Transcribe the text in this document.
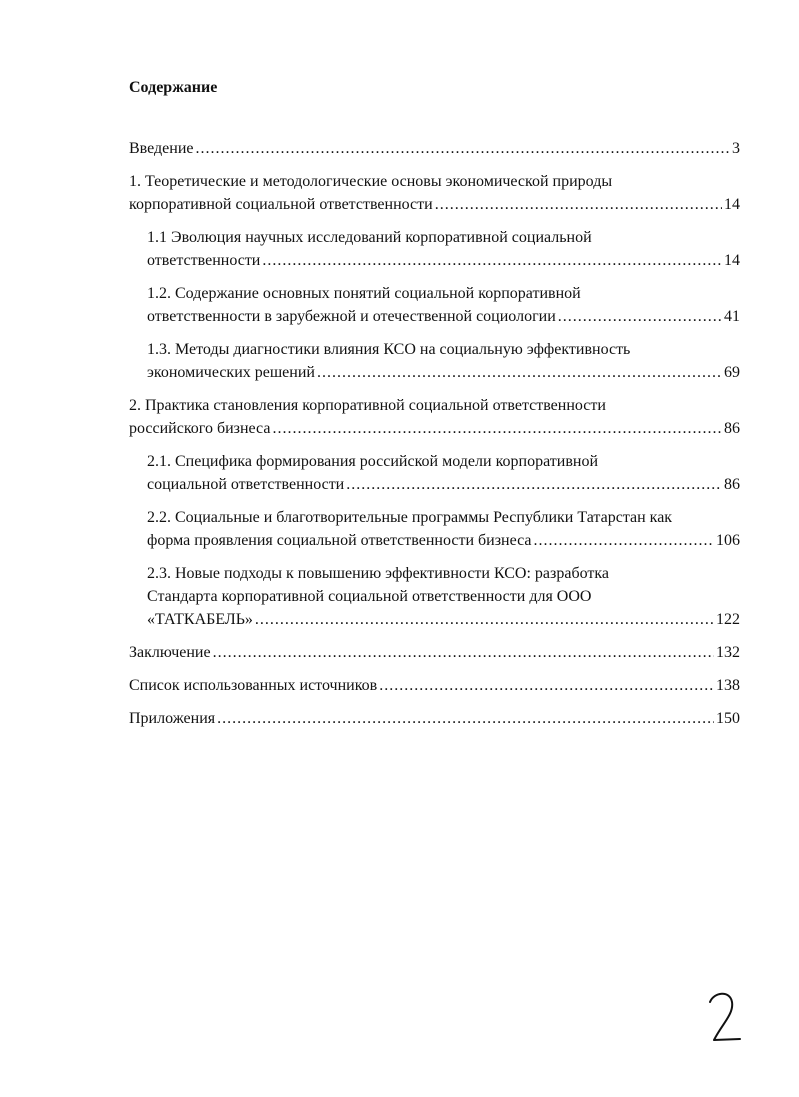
Содержание
Введение .....	3
1. Теоретические и методологические основы экономической природы
корпоративной социальной ответственности .....	14
1.1 Эволюция научных исследований корпоративной социальной
ответственности .....	14
1.2. Содержание основных понятий социальной корпоративной
ответственности в зарубежной и отечественной социологии .....	41
1.3. Методы диагностики влияния КСО на социальную эффективность
экономических решений .....	69
2. Практика становления корпоративной социальной ответственности
российского бизнеса .....	86
2.1. Специфика формирования российской модели корпоративной
социальной ответственности .....	86
2.2. Социальные и благотворительные программы Республики Татарстан как
форма проявления социальной ответственности бизнеса .....	106
2.3. Новые подходы к повышению эффективности КСО: разработка
Стандарта корпоративной социальной ответственности для ООО
«ТАТКАБЕЛЬ» .....	122
Заключение .....	132
Список использованных источников .....	138
Приложения .....	150
